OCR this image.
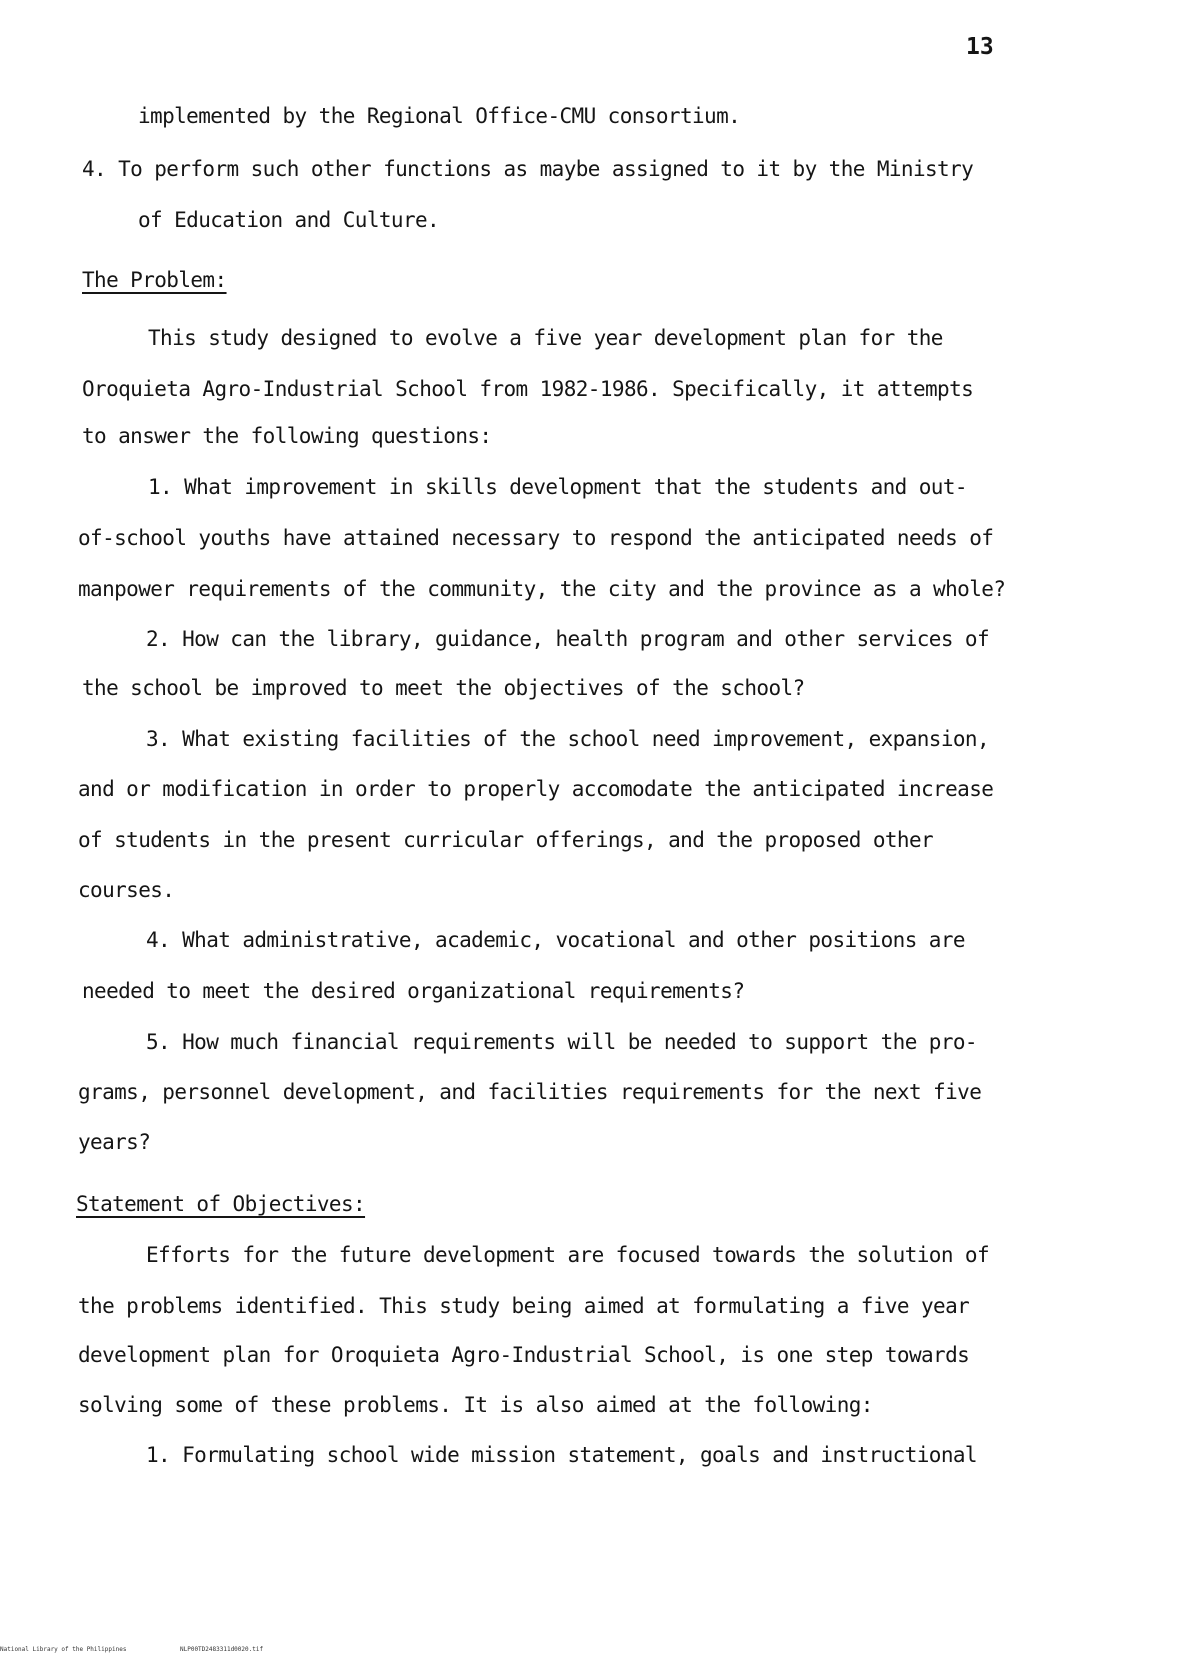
13
implemented by the Regional Office-CMU consortium.
4. To perform such other functions as maybe assigned to it by the Ministry
of Education and Culture.
The Problem:
This study designed to evolve a five year development plan for the
Oroquieta Agro-Industrial School from 1982-1986. Specifically, it attempts
to answer the following questions:
1. What improvement in skills development that the students and out-
of-school youths have attained necessary to respond the anticipated needs of
manpower requirements of the community, the city and the province as a whole?
2. How can the library, guidance, health program and other services of
the school be improved to meet the objectives of the school?
3. What existing facilities of the school need improvement, expansion,
and or modification in order to properly accomodate the anticipated increase
of students in the present curricular offerings, and the proposed other
courses.
4. What administrative, academic, vocational and other positions are
needed to meet the desired organizational requirements?
5. How much financial requirements will be needed to support the pro-
grams, personnel development, and facilities requirements for the next five
years?
Statement of Objectives:
Efforts for the future development are focused towards the solution of
the problems identified. This study being aimed at formulating a five year
development plan for Oroquieta Agro-Industrial School, is one step towards
solving some of these problems. It is also aimed at the following:
1. Formulating school wide mission statement, goals and instructional
National Library of the Philippines	NLP00TD2483311d0020.tif
